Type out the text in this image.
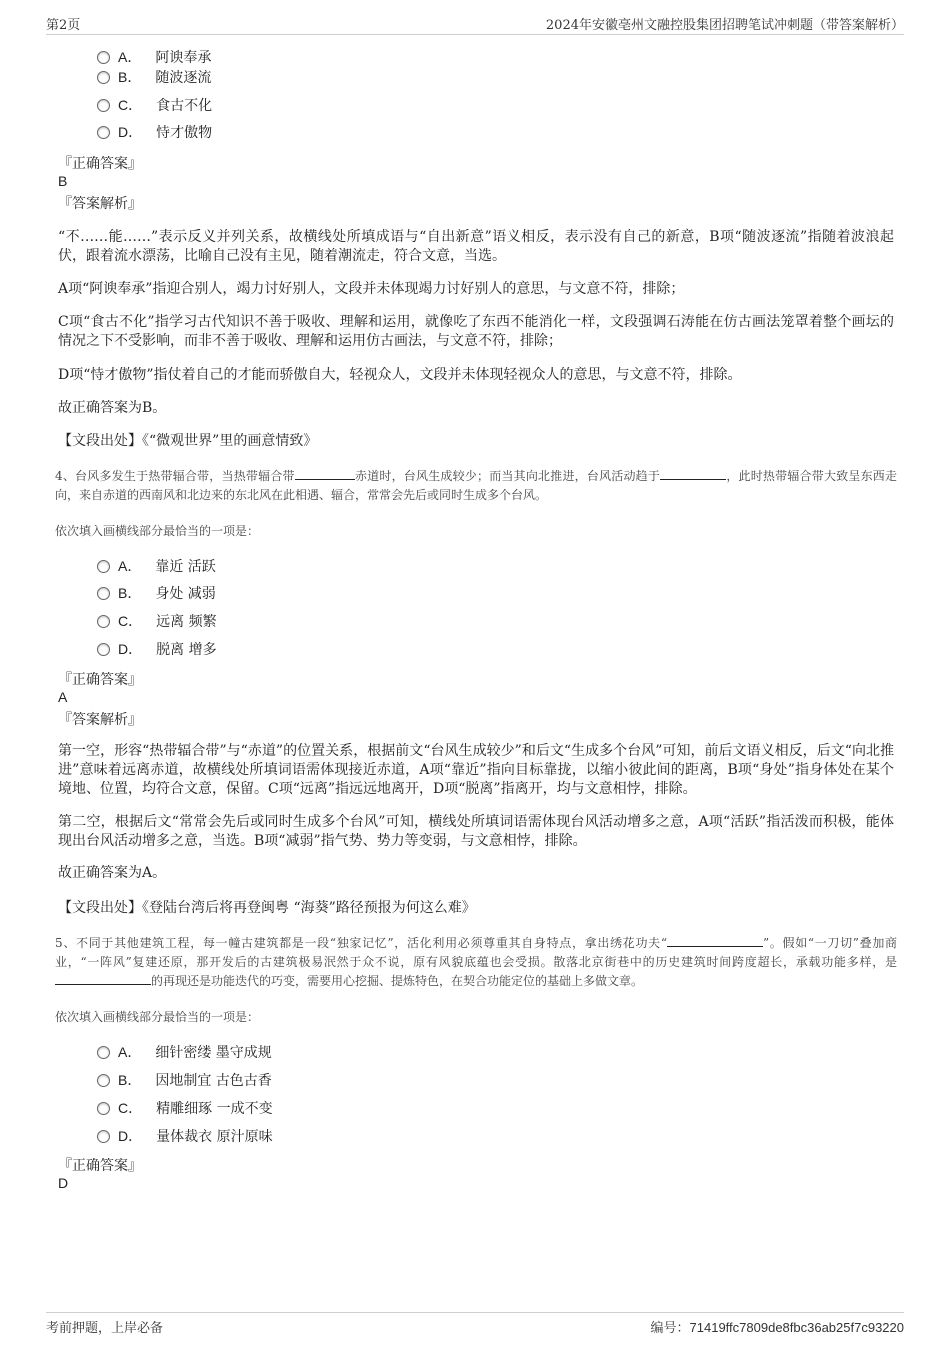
第2页	2024年安徽亳州文融控股集团招聘笔试冲刺题（带答案解析）
A． 阿谀奉承
B． 随波逐流
C． 食古不化
D． 恃才傲物
『正确答案』
B
『答案解析』
“不……能……”表示反义并列关系，故横线处所填成语与“自出新意”语义相反，表示没有自己的新意，B项“随波逐流”指随着波浪起伏，跟着流水漂荡，比喻自己没有主见，随着潮流走，符合文意，当选。
A项“阿谀奉承”指迎合别人，竭力讨好别人，文段并未体现竭力讨好别人的意思，与文意不符，排除；
C项“食古不化”指学习古代知识不善于吸收、理解和运用，就像吃了东西不能消化一样，文段强调石涛能在仿古画法笼罩着整个画坛的情况之下不受影响，而非不善于吸收、理解和运用仿古画法，与文意不符，排除；
D项“恃才傲物”指仗着自己的才能而骄傲自大，轻视众人，文段并未体现轻视众人的意思，与文意不符，排除。
故正确答案为B。
【文段出处】《“微观世界”里的画意情致》
4、台风多发生于热带辐合带，当热带辐合带	赤道时，台风生成较少；而当其向北推进，台风活动趋于	，此时热带辐合带大致呈东西走向，来自赤道的西南风和北边来的东北风在此相遇、辐合，常常会先后或同时生成多个台风。
依次填入画横线部分最恰当的一项是：
A． 靠近 活跃
B． 身处 减弱
C． 远离 频繁
D． 脱离 增多
『正确答案』
A
『答案解析』
第一空，形容“热带辐合带”与“赤道”的位置关系，根据前文“台风生成较少”和后文“生成多个台风”可知，前后文语义相反，后文“向北推进”意味着远离赤道，故横线处所填词语需体现接近赤道，A项“靠近”指向目标靠拢，以缩小彼此间的距离，B项“身处”指身体处在某个境地、位置，均符合文意，保留。C项“远离”指远远地离开，D项“脱离”指离开，均与文意相悖，排除。
第二空，根据后文“常常会先后或同时生成多个台风”可知，横线处所填词语需体现台风活动增多之意，A项“活跃”指活泼而积极，能体现出台风活动增多之意，当选。B项“减弱”指气势、势力等变弱，与文意相悖，排除。
故正确答案为A。
【文段出处】《登陆台湾后将再登闽粤 “海葵”路径预报为何这么难》
5、不同于其他建筑工程，每一幢古建筑都是一段“独家记忆”，活化利用必须尊重其自身特点，拿出绣花功夫“	”。假如“一刀切”叠加商业，“一阵风”复建还原，那开发后的古建筑极易泯然于众不说，原有风貌底蕴也会受损。散落北京街巷中的历史建筑时间跨度超长，承载功能多样，是的再现还是功能迭代的巧变，需要用心挖掘、提炼特色，在契合功能定位的基础上多做文章。
依次填入画横线部分最恰当的一项是：
A． 细针密缕 墨守成规
B． 因地制宜 古色古香
C． 精雕细琢 一成不变
D． 量体裁衣 原汁原味
『正确答案』
D
考前押题，上岸必备	编号：71419ffc7809de8fbc36ab25f7c93220
